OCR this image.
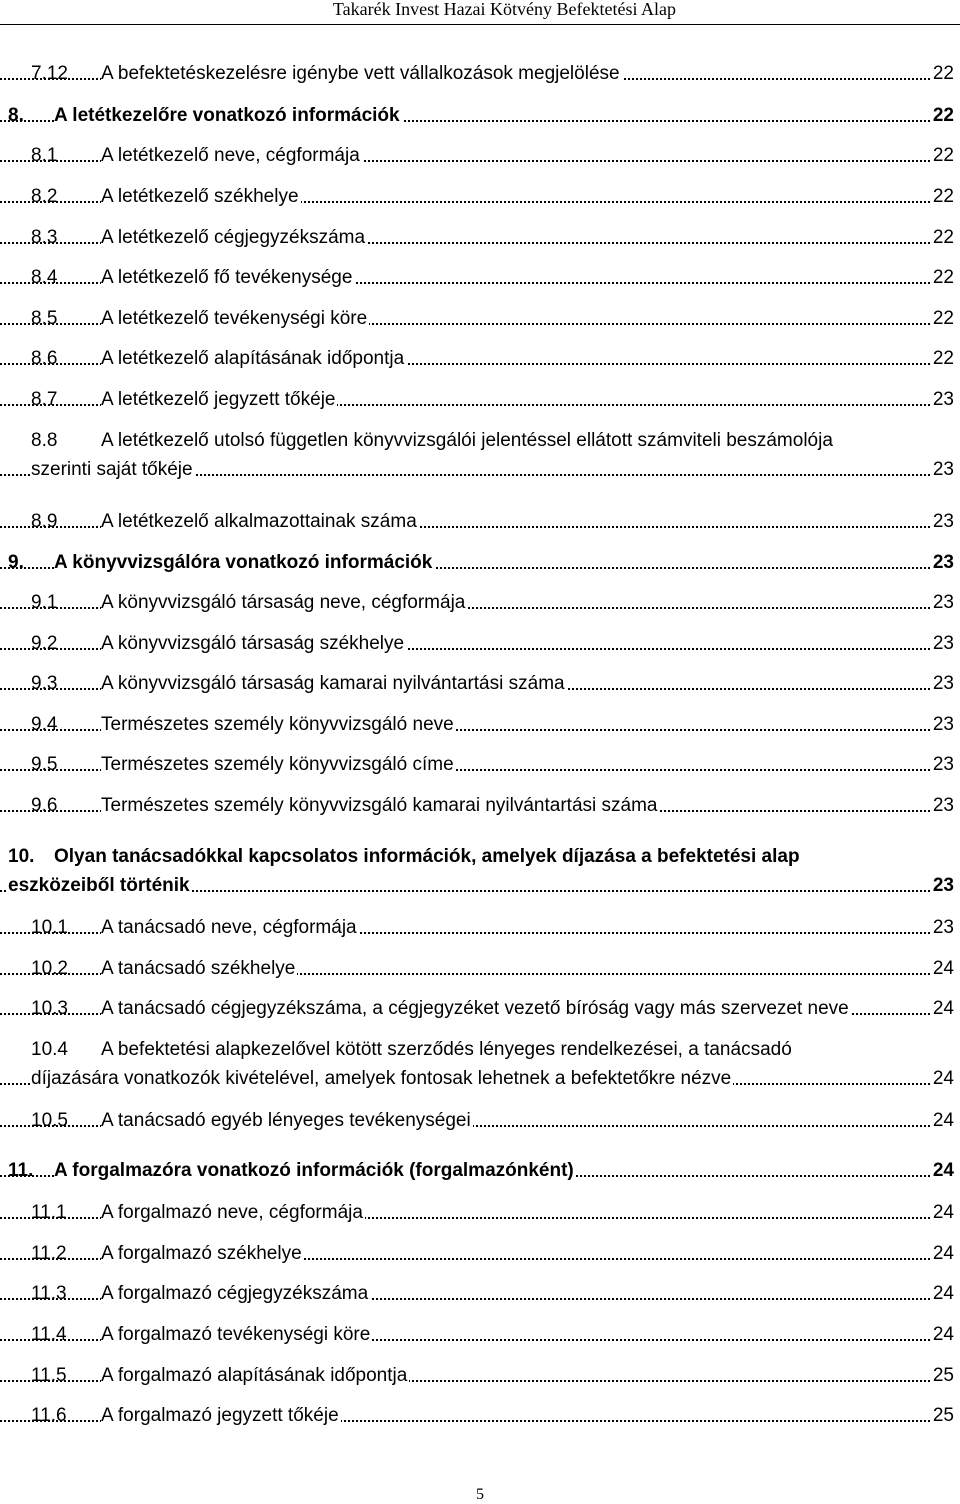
Takarék Invest Hazai Kötvény Befektetési Alap
7.12 A befektetéskezelésre igénybe vett vállalkozások megjelölése	22
8. A letétkezelőre vonatkozó információk	22
8.1 A letétkezelő neve, cégformája	22
8.2 A letétkezelő székhelye	22
8.3 A letétkezelő cégjegyzékszáma	22
8.4 A letétkezelő fő tevékenysége	22
8.5 A letétkezelő tevékenységi köre	22
8.6 A letétkezelő alapításának időpontja	22
8.7 A letétkezelő jegyzett tőkéje	23
8.8 A letétkezelő utolsó független könyvvizsgálói jelentéssel ellátott számviteli beszámolója
szerinti saját tőkéje	23
8.9 A letétkezelő alkalmazottainak száma	23
9. A könyvvizsgálóra vonatkozó információk	23
9.1 A könyvvizsgáló társaság neve, cégformája	23
9.2 A könyvvizsgáló társaság székhelye	23
9.3 A könyvvizsgáló társaság kamarai nyilvántartási száma	23
9.4 Természetes személy könyvvizsgáló neve	23
9.5 Természetes személy könyvvizsgáló címe	23
9.6 Természetes személy könyvvizsgáló kamarai nyilvántartási száma	23
10. Olyan tanácsadókkal kapcsolatos információk, amelyek díjazása a befektetési alap
eszközeiből történik	23
10.1 A tanácsadó neve, cégformája	23
10.2 A tanácsadó székhelye	24
10.3 A tanácsadó cégjegyzékszáma, a cégjegyzéket vezető bíróság vagy más szervezet neve	24
10.4 A befektetési alapkezelővel kötött szerződés lényeges rendelkezései, a tanácsadó
díjazására vonatkozók kivételével, amelyek fontosak lehetnek a befektetőkre nézve	24
10.5 A tanácsadó egyéb lényeges tevékenységei	24
11. A forgalmazóra vonatkozó információk (forgalmazónként)	24
11.1 A forgalmazó neve, cégformája	24
11.2 A forgalmazó székhelye	24
11.3 A forgalmazó cégjegyzékszáma	24
11.4 A forgalmazó tevékenységi köre	24
11.5 A forgalmazó alapításának időpontja	25
11.6 A forgalmazó jegyzett tőkéje	25
5
